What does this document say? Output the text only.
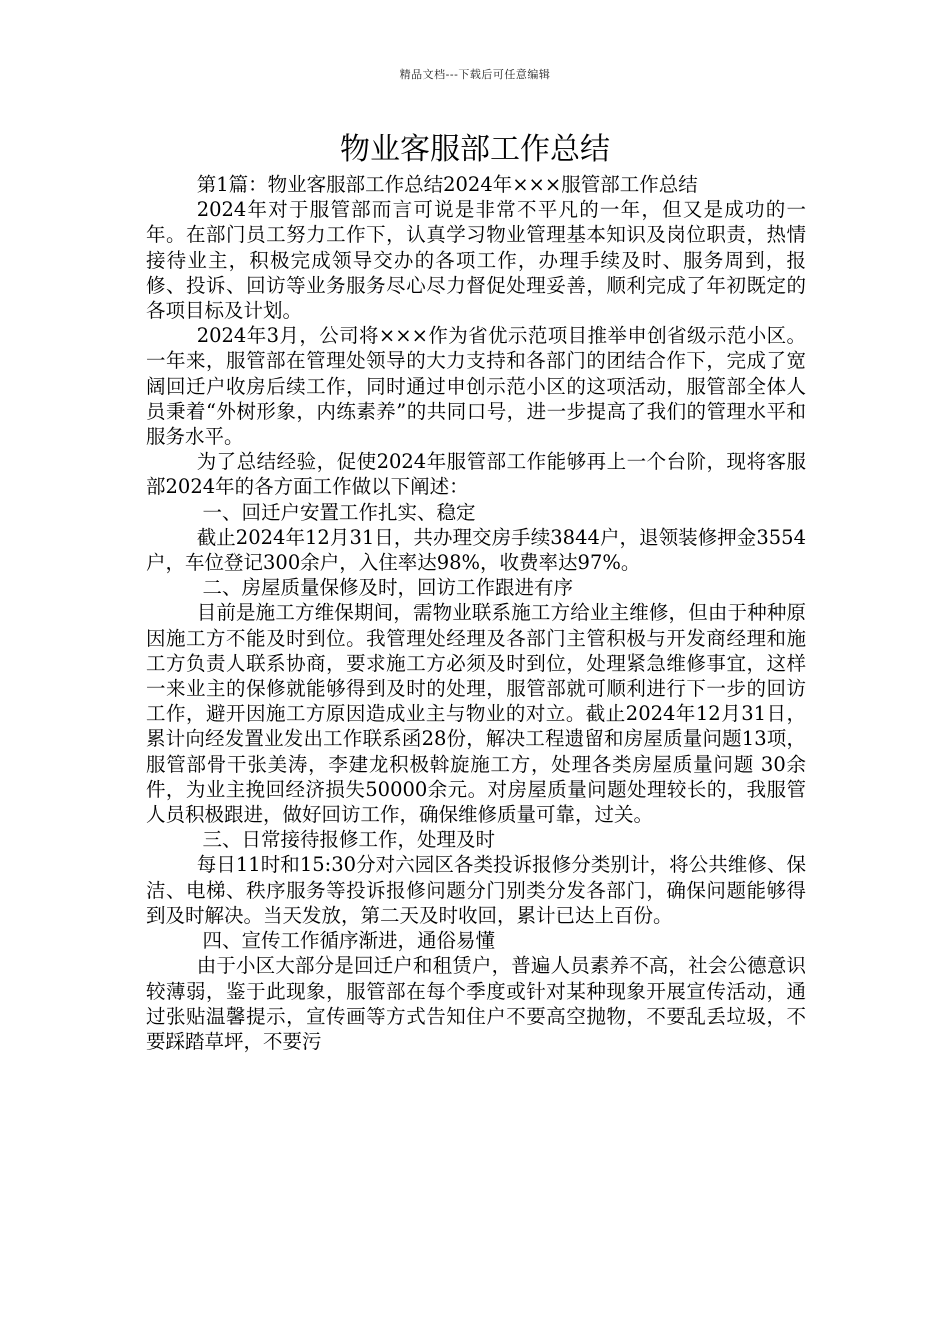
精品文档---下载后可任意编辑
物业客服部工作总结

第1篇：物业客服部工作总结2024年×××服管部工作总结

2024年对于服管部而言可说是非常不平凡的一年，但又是成功的一年。在部门员工努力工作下，认真学习物业管理基本知识及岗位职责，热情接待业主，积极完成领导交办的各项工作，办理手续及时、服务周到，报修、投诉、回访等业务服务尽心尽力督促处理妥善，顺利完成了年初既定的各项目标及计划。

2024年3月，公司将×××作为省优示范项目推举申创省级示范小区。一年来，服管部在管理处领导的大力支持和各部门的团结合作下，完成了宽阔回迁户收房后续工作，同时通过申创示范小区的这项活动，服管部全体人员秉着“外树形象，内练素养”的共同口号，进一步提高了我们的管理水平和服务水平。

为了总结经验，促使2024年服管部工作能够再上一个台阶，现将客服部2024年的各方面工作做以下阐述：

一、回迁户安置工作扎实、稳定

截止2024年12月31日，共办理交房手续3844户，退领装修押金3554户，车位登记300余户，入住率达98%，收费率达97%。

二、房屋质量保修及时，回访工作跟进有序

目前是施工方维保期间，需物业联系施工方给业主维修，但由于种种原因施工方不能及时到位。我管理处经理及各部门主管积极与开发商经理和施工方负责人联系协商，要求施工方必须及时到位，处理紧急维修事宜，这样一来业主的保修就能够得到及时的处理，服管部就可顺利进行下一步的回访工作，避开因施工方原因造成业主与物业的对立。截止2024年12月31日，累计向经发置业发出工作联系函28份，解决工程遗留和房屋质量问题13项，服管部骨干张美涛，李建龙积极斡旋施工方，处理各类房屋质量问题 30余件，为业主挽回经济损失50000余元。对房屋质量问题处理较长的，我服管人员积极跟进，做好回访工作，确保维修质量可靠，过关。

三、日常接待报修工作，处理及时

每日11时和15:30分对六园区各类投诉报修分类别计，将公共维修、保洁、电梯、秩序服务等投诉报修问题分门别类分发各部门，确保问题能够得到及时解决。当天发放，第二天及时收回，累计已达上百份。

四、宣传工作循序渐进，通俗易懂

由于小区大部分是回迁户和租赁户，普遍人员素养不高，社会公德意识较薄弱，鉴于此现象，服管部在每个季度或针对某种现象开展宣传活动，通过张贴温馨提示，宣传画等方式告知住户不要高空抛物，不要乱丢垃圾，不要踩踏草坪，不要污
